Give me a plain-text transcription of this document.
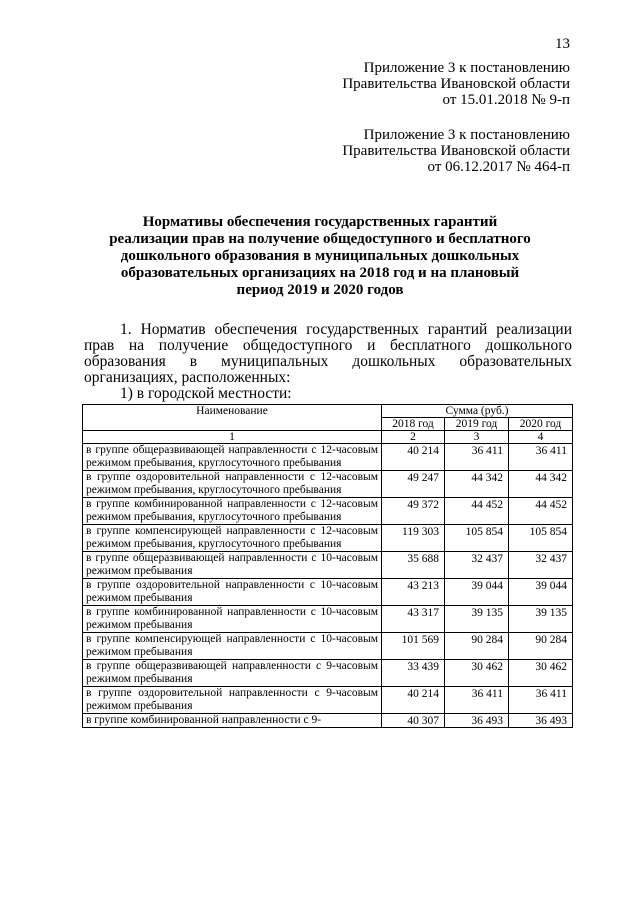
13
Приложение 3 к постановлению
Правительства Ивановской области
от 15.01.2018 № 9-п
Приложение 3 к постановлению
Правительства Ивановской области
от 06.12.2017 № 464-п
Нормативы обеспечения государственных гарантий
реализации прав на получение общедоступного и бесплатного
дошкольного образования в муниципальных дошкольных
образовательных организациях на 2018 год и на плановый
период 2019 и 2020 годов
1. Норматив обеспечения государственных гарантий реализации
прав на получение общедоступного и бесплатного дошкольного
образования в муниципальных дошкольных образовательных
организациях, расположенных:
1) в городской местности:
Наименование	Сумма (руб.)		
	2018 год	2019 год	2020 год
1	2	3	4
в группе общеразвивающей направленности с 12-часовым режимом пребывания, круглосуточного пребывания	40 214	36 411	36 411
в группе оздоровительной направленности с 12-часовым режимом пребывания, круглосуточного пребывания	49 247	44 342	44 342
в группе комбинированной направленности с 12-часовым режимом пребывания, круглосуточного пребывания	49 372	44 452	44 452
в группе компенсирующей направленности с 12-часовым режимом пребывания, круглосуточного пребывания	119 303	105 854	105 854
в группе общеразвивающей направленности с 10-часовым режимом пребывания	35 688	32 437	32 437
в группе оздоровительной направленности с 10-часовым режимом пребывания	43 213	39 044	39 044
в группе комбинированной направленности с 10-часовым режимом пребывания	43 317	39 135	39 135
в группе компенсирующей направленности с 10-часовым режимом пребывания	101 569	90 284	90 284
в группе общеразвивающей направленности с 9-часовым режимом пребывания	33 439	30 462	30 462
в группе оздоровительной направленности с 9-часовым режимом пребывания	40 214	36 411	36 411
в группе комбинированной направленности с 9-	40 307	36 493	36 493
